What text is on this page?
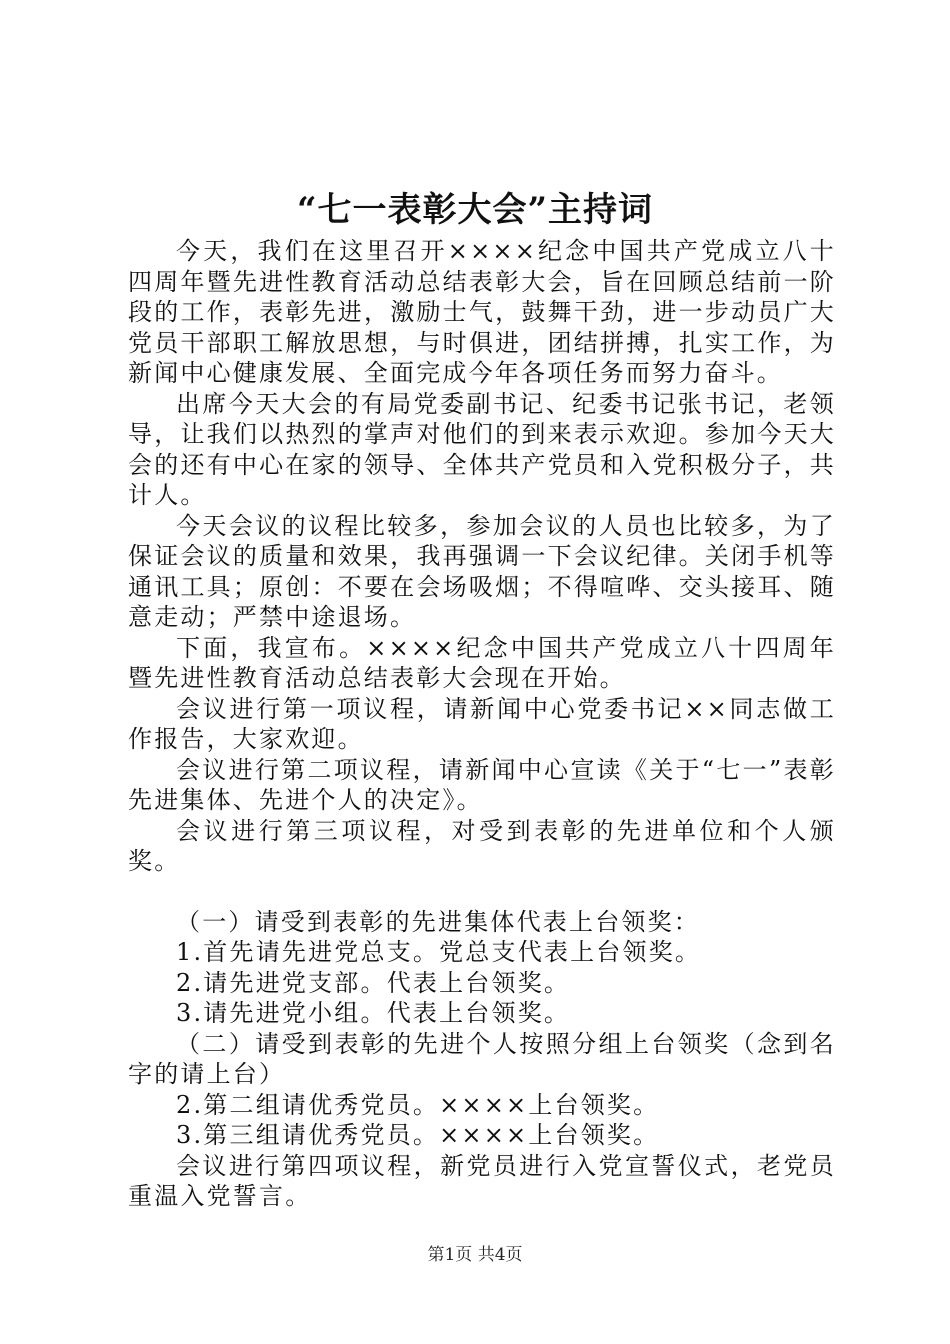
“七一表彰大会”主持词

今天，我们在这里召开××××纪念中国共产党成立八十四周年暨先进性教育活动总结表彰大会，旨在回顾总结前一阶段的工作，表彰先进，激励士气，鼓舞干劲，进一步动员广大党员干部职工解放思想，与时俱进，团结拼搏，扎实工作，为新闻中心健康发展、全面完成今年各项任务而努力奋斗。

出席今天大会的有局党委副书记、纪委书记张书记，老领导，让我们以热烈的掌声对他们的到来表示欢迎。参加今天大会的还有中心在家的领导、全体共产党员和入党积极分子，共计人。

今天会议的议程比较多，参加会议的人员也比较多，为了保证会议的质量和效果，我再强调一下会议纪律。关闭手机等通讯工具；原创：不要在会场吸烟；不得喧哗、交头接耳、随意走动；严禁中途退场。

下面，我宣布。××××纪念中国共产党成立八十四周年暨先进性教育活动总结表彰大会现在开始。

会议进行第一项议程，请新闻中心党委书记××同志做工作报告，大家欢迎。

会议进行第二项议程，请新闻中心宣读《关于“七一”表彰先进集体、先进个人的决定》。

会议进行第三项议程，对受到表彰的先进单位和个人颁奖。

（一）请受到表彰的先进集体代表上台领奖：

1.首先请先进党总支。党总支代表上台领奖。

2.请先进党支部。代表上台领奖。

3.请先进党小组。代表上台领奖。

（二）请受到表彰的先进个人按照分组上台领奖（念到名字的请上台）

2.第二组请优秀党员。××××上台领奖。

3.第三组请优秀党员。××××上台领奖。

会议进行第四项议程，新党员进行入党宣誓仪式，老党员重温入党誓言。

第1页 共4页
